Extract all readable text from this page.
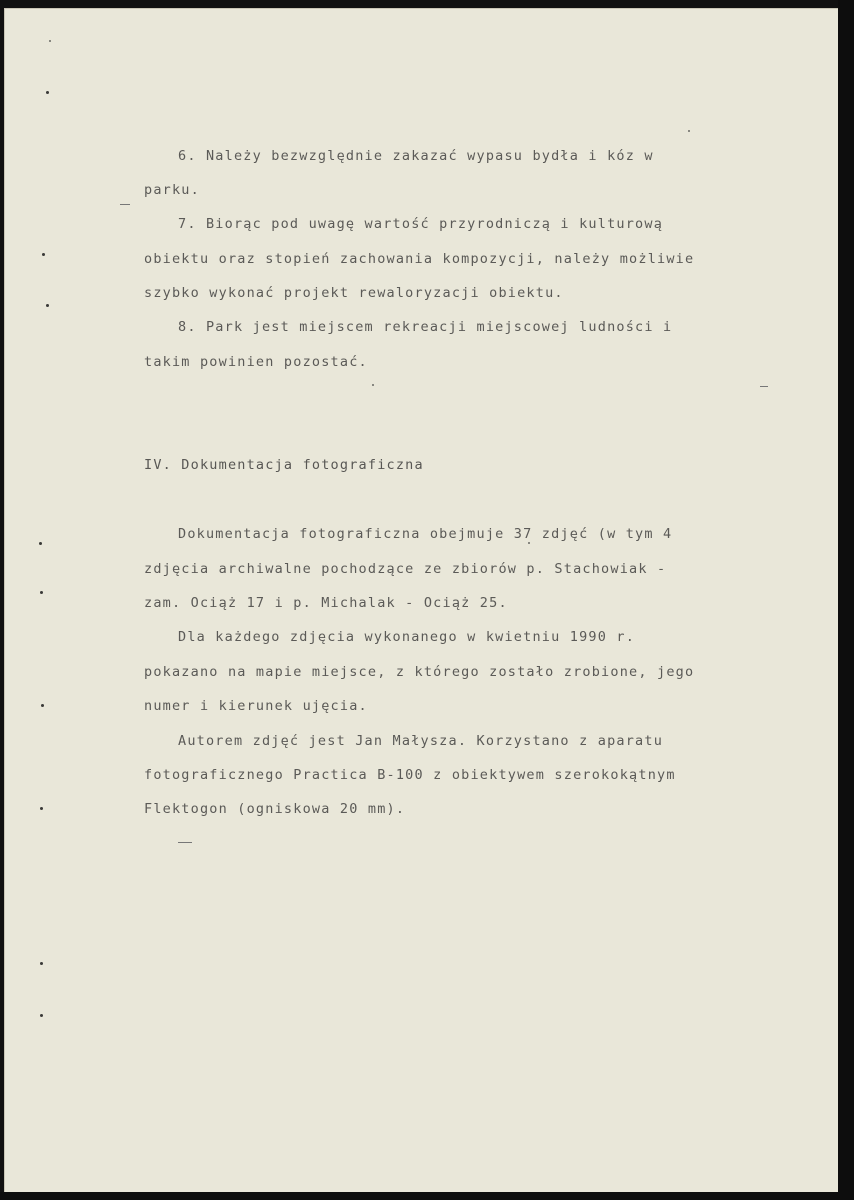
6. Należy bezwzględnie zakazać wypasu bydła i kóz w
parku.
7. Biorąc pod uwagę wartość przyrodniczą i kulturową
obiektu oraz stopień zachowania kompozycji, należy możliwie
szybko wykonać projekt rewaloryzacji obiektu.
8. Park jest miejscem rekreacji miejscowej ludności i
takim powinien pozostać.
IV. Dokumentacja fotograficzna
Dokumentacja fotograficzna obejmuje 37 zdjęć (w tym 4
zdjęcia archiwalne pochodzące ze zbiorów p. Stachowiak -
zam. Ociąż 17 i p. Michalak - Ociąż 25.
Dla każdego zdjęcia wykonanego w kwietniu 1990 r.
pokazano na mapie miejsce, z którego zostało zrobione, jego
numer i kierunek ujęcia.
Autorem zdjęć jest Jan Małysza. Korzystano z aparatu
fotograficznego Practica B-100 z obiektywem szerokokątnym
Flektogon (ogniskowa 20 mm).
